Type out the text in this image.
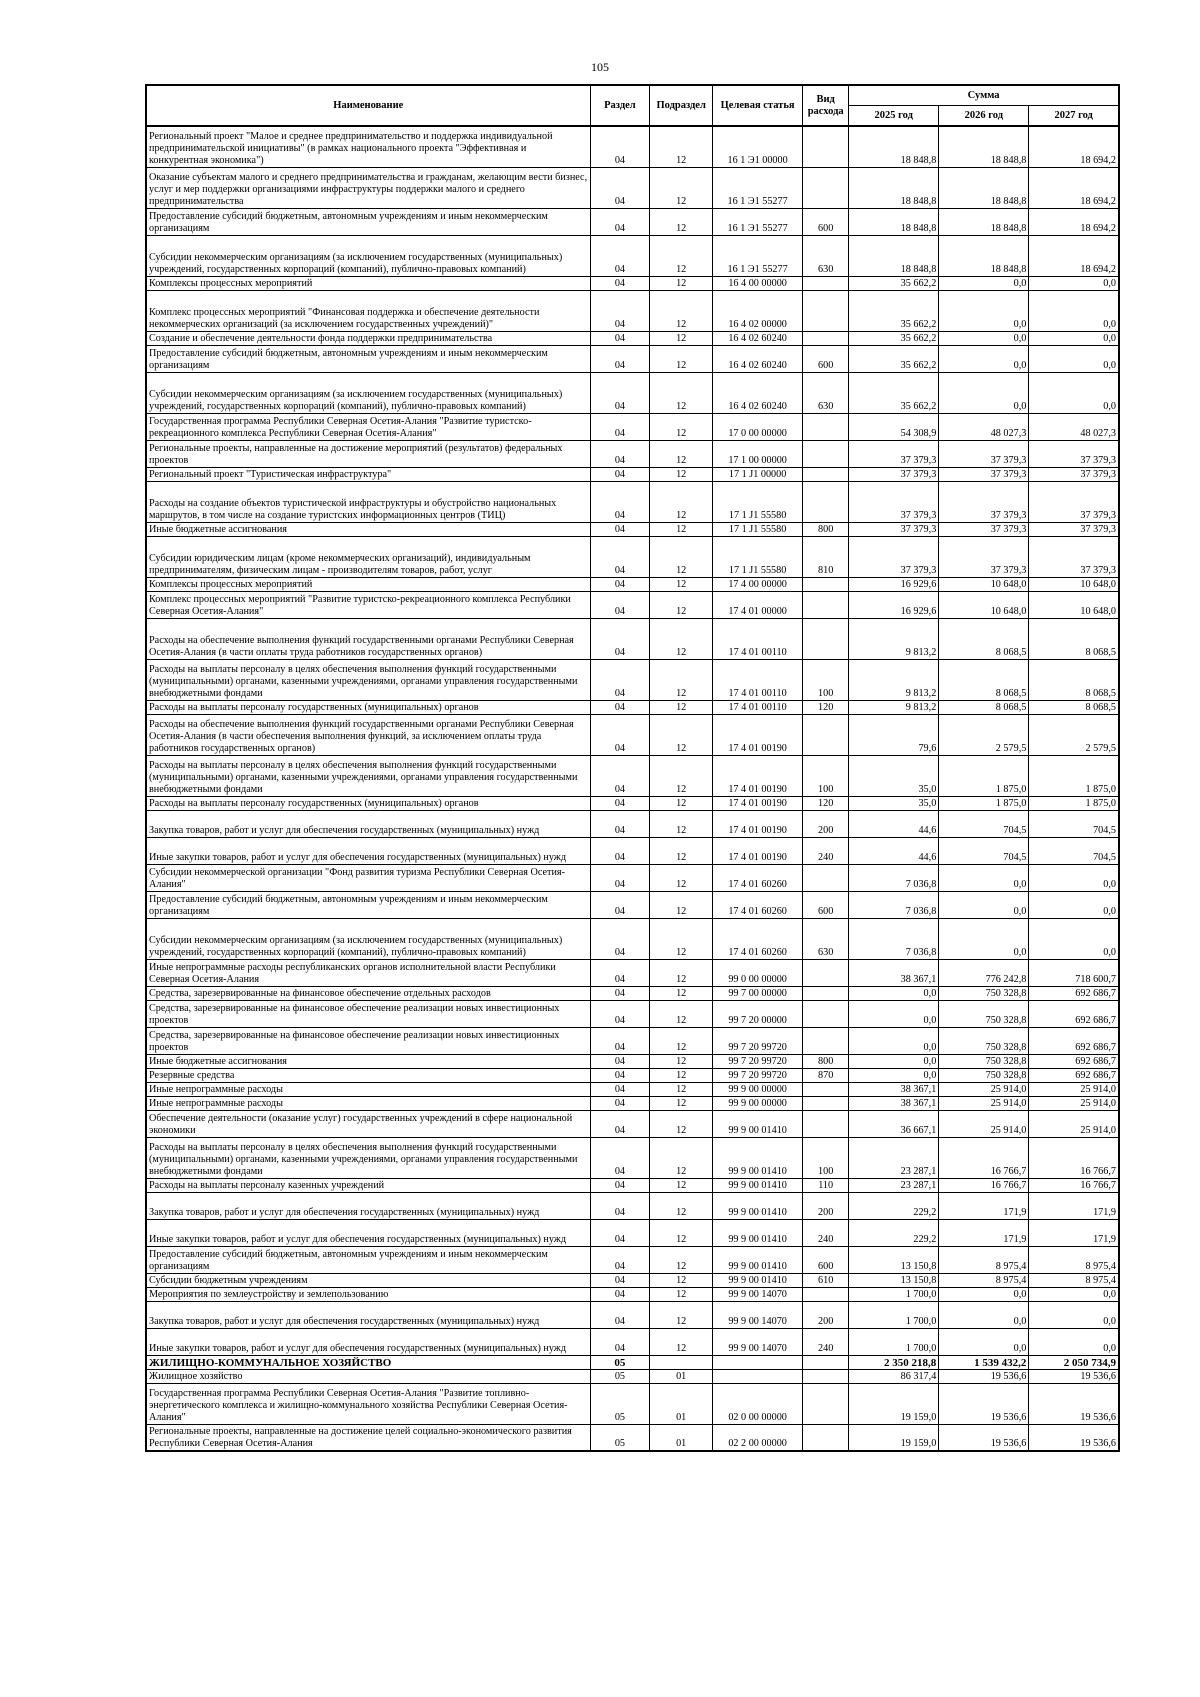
105
Наименование	Раздел	Подраздел	Целевая статья	Вид расхода	Сумма		
					2025 год	2026 год	2027 год
Региональный проект "Малое и среднее предпринимательство и поддержка индивидуальной предпринимательской инициативы" (в рамках национального проекта "Эффективная и конкурентная экономика")	04	12	16 1 Э1 00000		18 848,8	18 848,8	18 694,2
Оказание субъектам малого и среднего предпринимательства и гражданам, желающим вести бизнес, услуг и мер поддержки организациями инфраструктуры поддержки малого и среднего предпринимательства	04	12	16 1 Э1 55277		18 848,8	18 848,8	18 694,2
Предоставление субсидий бюджетным, автономным учреждениям и иным некоммерческим организациям	04	12	16 1 Э1 55277	600	18 848,8	18 848,8	18 694,2
Субсидии некоммерческим организациям (за исключением государственных (муниципальных) учреждений, государственных корпораций (компаний), публично-правовых компаний)	04	12	16 1 Э1 55277	630	18 848,8	18 848,8	18 694,2
Комплексы процессных мероприятий	04	12	16 4 00 00000		35 662,2	0,0	0,0
Комплекс процессных мероприятий "Финансовая поддержка и обеспечение деятельности некоммерческих организаций (за исключением государственных учреждений)"	04	12	16 4 02 00000		35 662,2	0,0	0,0
Создание и обеспечение деятельности фонда поддержки предпринимательства	04	12	16 4 02 60240		35 662,2	0,0	0,0
Предоставление субсидий бюджетным, автономным учреждениям и иным некоммерческим организациям	04	12	16 4 02 60240	600	35 662,2	0,0	0,0
Субсидии некоммерческим организациям (за исключением государственных (муниципальных) учреждений, государственных корпораций (компаний), публично-правовых компаний)	04	12	16 4 02 60240	630	35 662,2	0,0	0,0
Государственная программа Республики Северная Осетия-Алания "Развитие туристско-рекреационного комплекса Республики Северная Осетия-Алания"	04	12	17 0 00 00000		54 308,9	48 027,3	48 027,3
Региональные проекты, направленные на достижение мероприятий (результатов) федеральных проектов	04	12	17 1 00 00000		37 379,3	37 379,3	37 379,3
Региональный проект "Туристическая инфраструктура"	04	12	17 1 J1 00000		37 379,3	37 379,3	37 379,3
Расходы на создание объектов туристической инфраструктуры и обустройство национальных маршрутов, в том числе на создание туристских информационных центров (ТИЦ)	04	12	17 1 J1 55580		37 379,3	37 379,3	37 379,3
Иные бюджетные ассигнования	04	12	17 1 J1 55580	800	37 379,3	37 379,3	37 379,3
Субсидии юридическим лицам (кроме некоммерческих организаций), индивидуальным предпринимателям, физическим лицам - производителям товаров, работ, услуг	04	12	17 1 J1 55580	810	37 379,3	37 379,3	37 379,3
Комплексы процессных мероприятий	04	12	17 4 00 00000		16 929,6	10 648,0	10 648,0
Комплекс процессных мероприятий "Развитие туристско-рекреационного комплекса Республики Северная Осетия-Алания"	04	12	17 4 01 00000		16 929,6	10 648,0	10 648,0
Расходы на обеспечение выполнения функций государственными органами Республики Северная Осетия-Алания (в части оплаты труда работников государственных органов)	04	12	17 4 01 00110		9 813,2	8 068,5	8 068,5
Расходы на выплаты персоналу в целях обеспечения выполнения функций государственными (муниципальными) органами, казенными учреждениями, органами управления государственными внебюджетными фондами	04	12	17 4 01 00110	100	9 813,2	8 068,5	8 068,5
Расходы на выплаты персоналу государственных (муниципальных) органов	04	12	17 4 01 00110	120	9 813,2	8 068,5	8 068,5
Расходы на обеспечение выполнения функций государственными органами Республики Северная Осетия-Алания (в части обеспечения выполнения функций, за исключением оплаты труда работников государственных органов)	04	12	17 4 01 00190		79,6	2 579,5	2 579,5
Расходы на выплаты персоналу в целях обеспечения выполнения функций государственными (муниципальными) органами, казенными учреждениями, органами управления государственными внебюджетными фондами	04	12	17 4 01 00190	100	35,0	1 875,0	1 875,0
Расходы на выплаты персоналу государственных (муниципальных) органов	04	12	17 4 01 00190	120	35,0	1 875,0	1 875,0
Закупка товаров, работ и услуг для обеспечения государственных (муниципальных) нужд	04	12	17 4 01 00190	200	44,6	704,5	704,5
Иные закупки товаров, работ и услуг для обеспечения государственных (муниципальных) нужд	04	12	17 4 01 00190	240	44,6	704,5	704,5
Субсидии некоммерческой организации "Фонд развития туризма Республики Северная Осетия-Алания"	04	12	17 4 01 60260		7 036,8	0,0	0,0
Предоставление субсидий бюджетным, автономным учреждениям и иным некоммерческим организациям	04	12	17 4 01 60260	600	7 036,8	0,0	0,0
Субсидии некоммерческим организациям (за исключением государственных (муниципальных) учреждений, государственных корпораций (компаний), публично-правовых компаний)	04	12	17 4 01 60260	630	7 036,8	0,0	0,0
Иные непрограммные расходы республиканских органов исполнительной власти Республики Северная Осетия-Алания	04	12	99 0 00 00000		38 367,1	776 242,8	718 600,7
Средства, зарезервированные на финансовое обеспечение отдельных расходов	04	12	99 7 00 00000		0,0	750 328,8	692 686,7
Средства, зарезервированные на финансовое обеспечение реализации новых инвестиционных проектов	04	12	99 7 20 00000		0,0	750 328,8	692 686,7
Средства, зарезервированные на финансовое обеспечение реализации новых инвестиционных проектов	04	12	99 7 20 99720		0,0	750 328,8	692 686,7
Иные бюджетные ассигнования	04	12	99 7 20 99720	800	0,0	750 328,8	692 686,7
Резервные средства	04	12	99 7 20 99720	870	0,0	750 328,8	692 686,7
Иные непрограммные расходы	04	12	99 9 00 00000		38 367,1	25 914,0	25 914,0
Иные непрограммные расходы	04	12	99 9 00 00000		38 367,1	25 914,0	25 914,0
Обеспечение деятельности (оказание услуг) государственных учреждений в сфере национальной экономики	04	12	99 9 00 01410		36 667,1	25 914,0	25 914,0
Расходы на выплаты персоналу в целях обеспечения выполнения функций государственными (муниципальными) органами, казенными учреждениями, органами управления государственными внебюджетными фондами	04	12	99 9 00 01410	100	23 287,1	16 766,7	16 766,7
Расходы на выплаты персоналу казенных учреждений	04	12	99 9 00 01410	110	23 287,1	16 766,7	16 766,7
Закупка товаров, работ и услуг для обеспечения государственных (муниципальных) нужд	04	12	99 9 00 01410	200	229,2	171,9	171,9
Иные закупки товаров, работ и услуг для обеспечения государственных (муниципальных) нужд	04	12	99 9 00 01410	240	229,2	171,9	171,9
Предоставление субсидий бюджетным, автономным учреждениям и иным некоммерческим организациям	04	12	99 9 00 01410	600	13 150,8	8 975,4	8 975,4
Субсидии бюджетным учреждениям	04	12	99 9 00 01410	610	13 150,8	8 975,4	8 975,4
Мероприятия по землеустройству и землепользованию	04	12	99 9 00 14070		1 700,0	0,0	0,0
Закупка товаров, работ и услуг для обеспечения государственных (муниципальных) нужд	04	12	99 9 00 14070	200	1 700,0	0,0	0,0
Иные закупки товаров, работ и услуг для обеспечения государственных (муниципальных) нужд	04	12	99 9 00 14070	240	1 700,0	0,0	0,0
ЖИЛИЩНО-КОММУНАЛЬНОЕ ХОЗЯЙСТВО	05				2 350 218,8	1 539 432,2	2 050 734,9
Жилищное хозяйство	05	01			86 317,4	19 536,6	19 536,6
Государственная программа Республики Северная Осетия-Алания "Развитие топливно-энергетического комплекса и жилищно-коммунального хозяйства Республики Северная Осетия-Алания"	05	01	02 0 00 00000		19 159,0	19 536,6	19 536,6
Региональные проекты, направленные на достижение целей социально-экономического развития Республики Северная Осетия-Алания	05	01	02 2 00 00000		19 159,0	19 536,6	19 536,6
